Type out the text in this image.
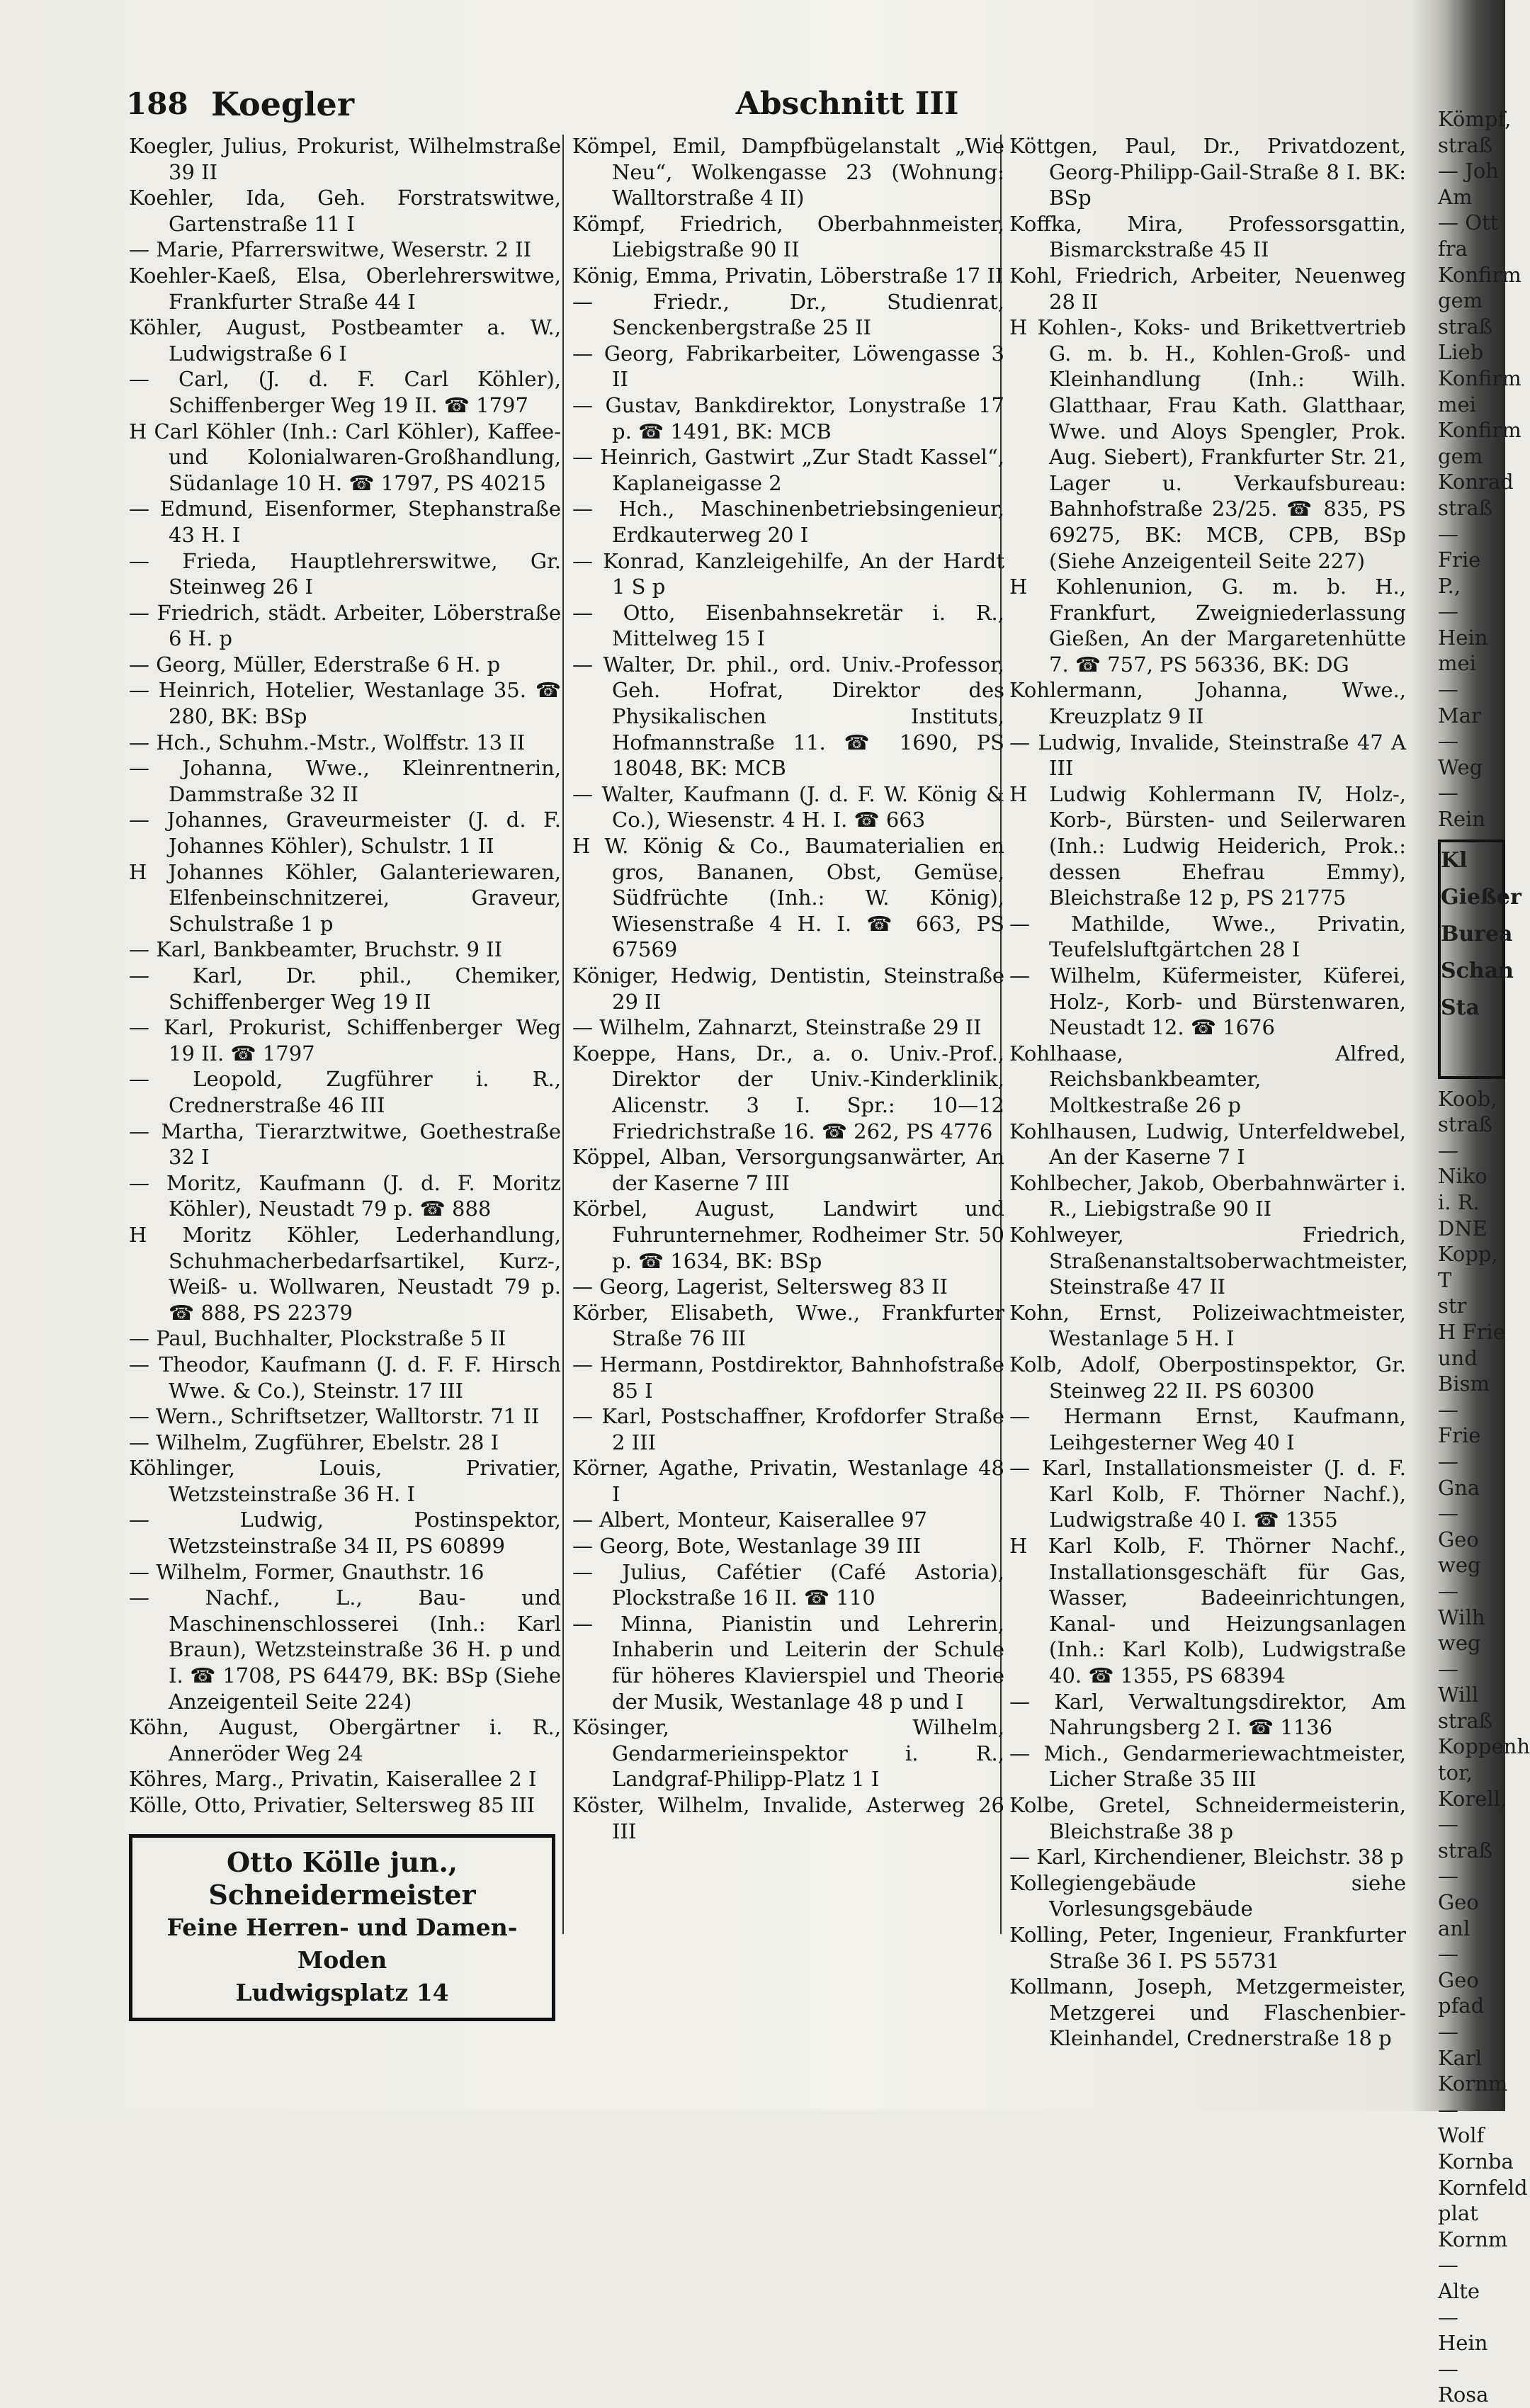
188 Koegler	Abschnitt III
Koegler, Julius, Prokurist, Wilhelmstraße 39 II
Koehler, Ida, Geh. Forstratswitwe, Gartenstraße 11 I
— Marie, Pfarrerswitwe, Weserstr. 2 II
Koehler-Kaeß, Elsa, Oberlehrerswitwe, Frankfurter Straße 44 I
Köhler, August, Postbeamter a. W., Ludwigstraße 6 I
— Carl, (J. d. F. Carl Köhler), Schiffenberger Weg 19 II. ☎ 1797
H Carl Köhler (Inh.: Carl Köhler), Kaffee- und Kolonialwaren-Großhandlung, Südanlage 10 H. ☎ 1797, PS 40215
— Edmund, Eisenformer, Stephanstraße 43 H. I
— Frieda, Hauptlehrerswitwe, Gr. Steinweg 26 I
— Friedrich, städt. Arbeiter, Löberstraße 6 H. p
— Georg, Müller, Ederstraße 6 H. p
— Heinrich, Hotelier, Westanlage 35. ☎ 280, BK: BSp
— Hch., Schuhm.-Mstr., Wolffstr. 13 II
— Johanna, Wwe., Kleinrentnerin, Dammstraße 32 II
— Johannes, Graveurmeister (J. d. F. Johannes Köhler), Schulstr. 1 II
H Johannes Köhler, Galanteriewaren, Elfenbeinschnitzerei, Graveur, Schulstraße 1 p
— Karl, Bankbeamter, Bruchstr. 9 II
— Karl, Dr. phil., Chemiker, Schiffenberger Weg 19 II
— Karl, Prokurist, Schiffenberger Weg 19 II. ☎ 1797
— Leopold, Zugführer i. R., Crednerstraße 46 III
— Martha, Tierarztwitwe, Goethestraße 32 I
— Moritz, Kaufmann (J. d. F. Moritz Köhler), Neustadt 79 p. ☎ 888
H Moritz Köhler, Lederhandlung, Schuhmacherbedarfsartikel, Kurz-, Weiß- u. Wollwaren, Neustadt 79 p. ☎ 888, PS 22379
— Paul, Buchhalter, Plockstraße 5 II
— Theodor, Kaufmann (J. d. F. F. Hirsch Wwe. & Co.), Steinstr. 17 III
— Wern., Schriftsetzer, Walltorstr. 71 II
— Wilhelm, Zugführer, Ebelstr. 28 I
Köhlinger, Louis, Privatier, Wetzsteinstraße 36 H. I
— Ludwig, Postinspektor, Wetzsteinstraße 34 II, PS 60899
— Wilhelm, Former, Gnauthstr. 16
— Nachf., L., Bau- und Maschinenschlosserei (Inh.: Karl Braun), Wetzsteinstraße 36 H. p und I. ☎ 1708, PS 64479, BK: BSp (Siehe Anzeigenteil Seite 224)
Köhn, August, Obergärtner i. R., Anneröder Weg 24
Köhres, Marg., Privatin, Kaiserallee 2 I
Kölle, Otto, Privatier, Seltersweg 85 III
Otto Kölle jun., Schneidermeister
Feine Herren- und Damen-Moden
Ludwigsplatz 14
Kömpel, Emil, Dampfbügelanstalt „Wie Neu“, Wolkengasse 23 (Wohnung: Walltorstraße 4 II)
Kömpf, Friedrich, Oberbahnmeister, Liebigstraße 90 II
König, Emma, Privatin, Löberstraße 17 II
— Friedr., Dr., Studienrat, Senckenbergstraße 25 II
— Georg, Fabrikarbeiter, Löwengasse 3 II
— Gustav, Bankdirektor, Lonystraße 17 p. ☎ 1491, BK: MCB
— Heinrich, Gastwirt „Zur Stadt Kassel“, Kaplaneigasse 2
— Hch., Maschinenbetriebsingenieur, Erdkauterweg 20 I
— Konrad, Kanzleigehilfe, An der Hardt 1 S p
— Otto, Eisenbahnsekretär i. R., Mittelweg 15 I
— Walter, Dr. phil., ord. Univ.-Professor, Geh. Hofrat, Direktor des Physikalischen Instituts, Hofmannstraße 11. ☎ 1690, PS 18048, BK: MCB
— Walter, Kaufmann (J. d. F. W. König & Co.), Wiesenstr. 4 H. I. ☎ 663
H W. König & Co., Baumaterialien en gros, Bananen, Obst, Gemüse, Südfrüchte (Inh.: W. König), Wiesenstraße 4 H. I. ☎ 663, PS 67569
Königer, Hedwig, Dentistin, Steinstraße 29 II
— Wilhelm, Zahnarzt, Steinstraße 29 II
Koeppe, Hans, Dr., a. o. Univ.-Prof., Direktor der Univ.-Kinderklinik, Alicenstr. 3 I. Spr.: 10—12 Friedrichstraße 16. ☎ 262, PS 4776
Köppel, Alban, Versorgungsanwärter, An der Kaserne 7 III
Körbel, August, Landwirt und Fuhrunternehmer, Rodheimer Str. 50 p. ☎ 1634, BK: BSp
— Georg, Lagerist, Seltersweg 83 II
Körber, Elisabeth, Wwe., Frankfurter Straße 76 III
— Hermann, Postdirektor, Bahnhofstraße 85 I
— Karl, Postschaffner, Krofdorfer Straße 2 III
Körner, Agathe, Privatin, Westanlage 48 I
— Albert, Monteur, Kaiserallee 97
— Georg, Bote, Westanlage 39 III
— Julius, Cafétier (Café Astoria), Plockstraße 16 II. ☎ 110
— Minna, Pianistin und Lehrerin, Inhaberin und Leiterin der Schule für höheres Klavierspiel und Theorie der Musik, Westanlage 48 p und I
Kösinger, Wilhelm, Gendarmerieinspektor i. R., Landgraf-Philipp-Platz 1 I
Köster, Wilhelm, Invalide, Asterweg 26 III
Köttgen, Paul, Dr., Privatdozent, Georg-Philipp-Gail-Straße 8 I. BK: BSp
Koffka, Mira, Professorsgattin, Bismarckstraße 45 II
Kohl, Friedrich, Arbeiter, Neuenweg 28 II
H Kohlen-, Koks- und Brikettvertrieb G. m. b. H., Kohlen-Groß- und Kleinhandlung (Inh.: Wilh. Glatthaar, Frau Kath. Glatthaar, Wwe. und Aloys Spengler, Prok. Aug. Siebert), Frankfurter Str. 21, Lager u. Verkaufsbureau: Bahnhofstraße 23/25. ☎ 835, PS 69275, BK: MCB, CPB, BSp (Siehe Anzeigenteil Seite 227)
H Kohlenunion, G. m. b. H., Frankfurt, Zweigniederlassung Gießen, An der Margaretenhütte 7. ☎ 757, PS 56336, BK: DG
Kohlermann, Johanna, Wwe., Kreuzplatz 9 II
— Ludwig, Invalide, Steinstraße 47 A III
H Ludwig Kohlermann IV, Holz-, Korb-, Bürsten- und Seilerwaren (Inh.: Ludwig Heiderich, Prok.: dessen Ehefrau Emmy), Bleichstraße 12 p, PS 21775
— Mathilde, Wwe., Privatin, Teufelsluftgärtchen 28 I
— Wilhelm, Küfermeister, Küferei, Holz-, Korb- und Bürstenwaren, Neustadt 12. ☎ 1676
Kohlhaase, Alfred, Reichsbankbeamter, Moltkestraße 26 p
Kohlhausen, Ludwig, Unterfeldwebel, An der Kaserne 7 I
Kohlbecher, Jakob, Oberbahnwärter i. R., Liebigstraße 90 II
Kohlweyer, Friedrich, Straßenanstaltsoberwachtmeister, Steinstraße 47 II
Kohn, Ernst, Polizeiwachtmeister, Westanlage 5 H. I
Kolb, Adolf, Oberpostinspektor, Gr. Steinweg 22 II. PS 60300
— Hermann Ernst, Kaufmann, Leihgesterner Weg 40 I
— Karl, Installationsmeister (J. d. F. Karl Kolb, F. Thörner Nachf.), Ludwigstraße 40 I. ☎ 1355
H Karl Kolb, F. Thörner Nachf., Installationsgeschäft für Gas, Wasser, Badeeinrichtungen, Kanal- und Heizungsanlagen (Inh.: Karl Kolb), Ludwigstraße 40. ☎ 1355, PS 68394
— Karl, Verwaltungsdirektor, Am Nahrungsberg 2 I. ☎ 1136
— Mich., Gendarmeriewachtmeister, Licher Straße 35 III
Kolbe, Gretel, Schneidermeisterin, Bleichstraße 38 p
— Karl, Kirchendiener, Bleichstr. 38 p
Kollegiengebäude siehe Vorlesungsgebäude
Kolling, Peter, Ingenieur, Frankfurter Straße 36 I. PS 55731
Kollmann, Joseph, Metzgermeister, Metzgerei und Flaschenbier-Kleinhandel, Crednerstraße 18 p
Kömpf,
straß
— Joh
Am
— Ott
fra
Konfirm
gem
straß
Lieb
Konfirm
mei
Konfirm
gem
Konrad
straß
— Frie
P.,
— Hein
mei
— Mar
— Weg
— Rein
Kl
Gießer
Burea
Schan
Sta
Koob,
straß
— Niko
i. R.
DNE
Kopp, T
str
H Frie
und
Bism
— Frie
— Gna
— Geo
weg
— Wilh
weg
— Will
straß
Koppenh
tor,
Korell,
— straß
— Geo
anl
— Geo
pfad
— Karl
Kornm
— Wolf
Kornba
Kornfeld
plat
Kornm
— Alte
— Hein
— Rosa
